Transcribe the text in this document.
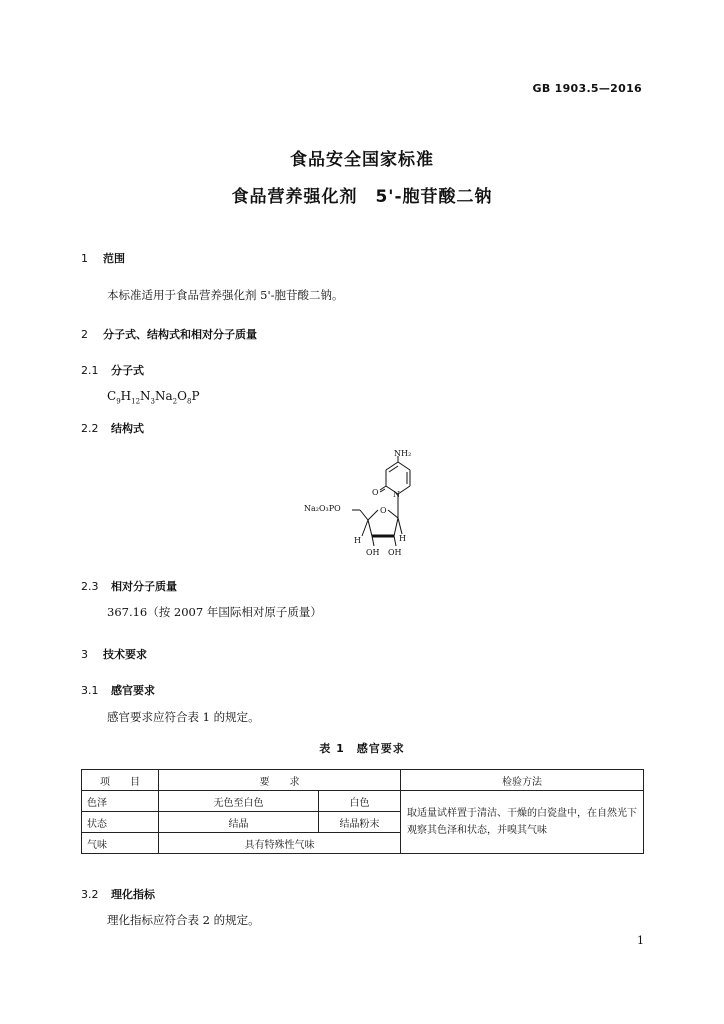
GB 1903.5—2016
食品安全国家标准
食品营养强化剂　5'-胞苷酸二钠
1 范围
本标准适用于食品营养强化剂 5'-胞苷酸二钠。
2 分子式、结构式和相对分子质量
2.1 分子式
$C_9H_{12}N_3Na_2O_8P$
2.2 结构式
NH₂
O N
Na₂O₃PO	O
H	H
OH OH
2.3 相对分子质量
367.16（按 2007 年国际相对原子质量）
3 技术要求
3.1 感官要求
感官要求应符合表 1 的规定。
表 1　感官要求
项　　目	要　　求		检验方法
色泽	无色至白色	白色	取适量试样置于清洁、干燥的白瓷盘中，在自然光下观察其色泽和状态，并嗅其气味
状态	结晶	结晶粉末	
气味	具有特殊性气味		
3.2 理化指标
理化指标应符合表 2 的规定。
1
